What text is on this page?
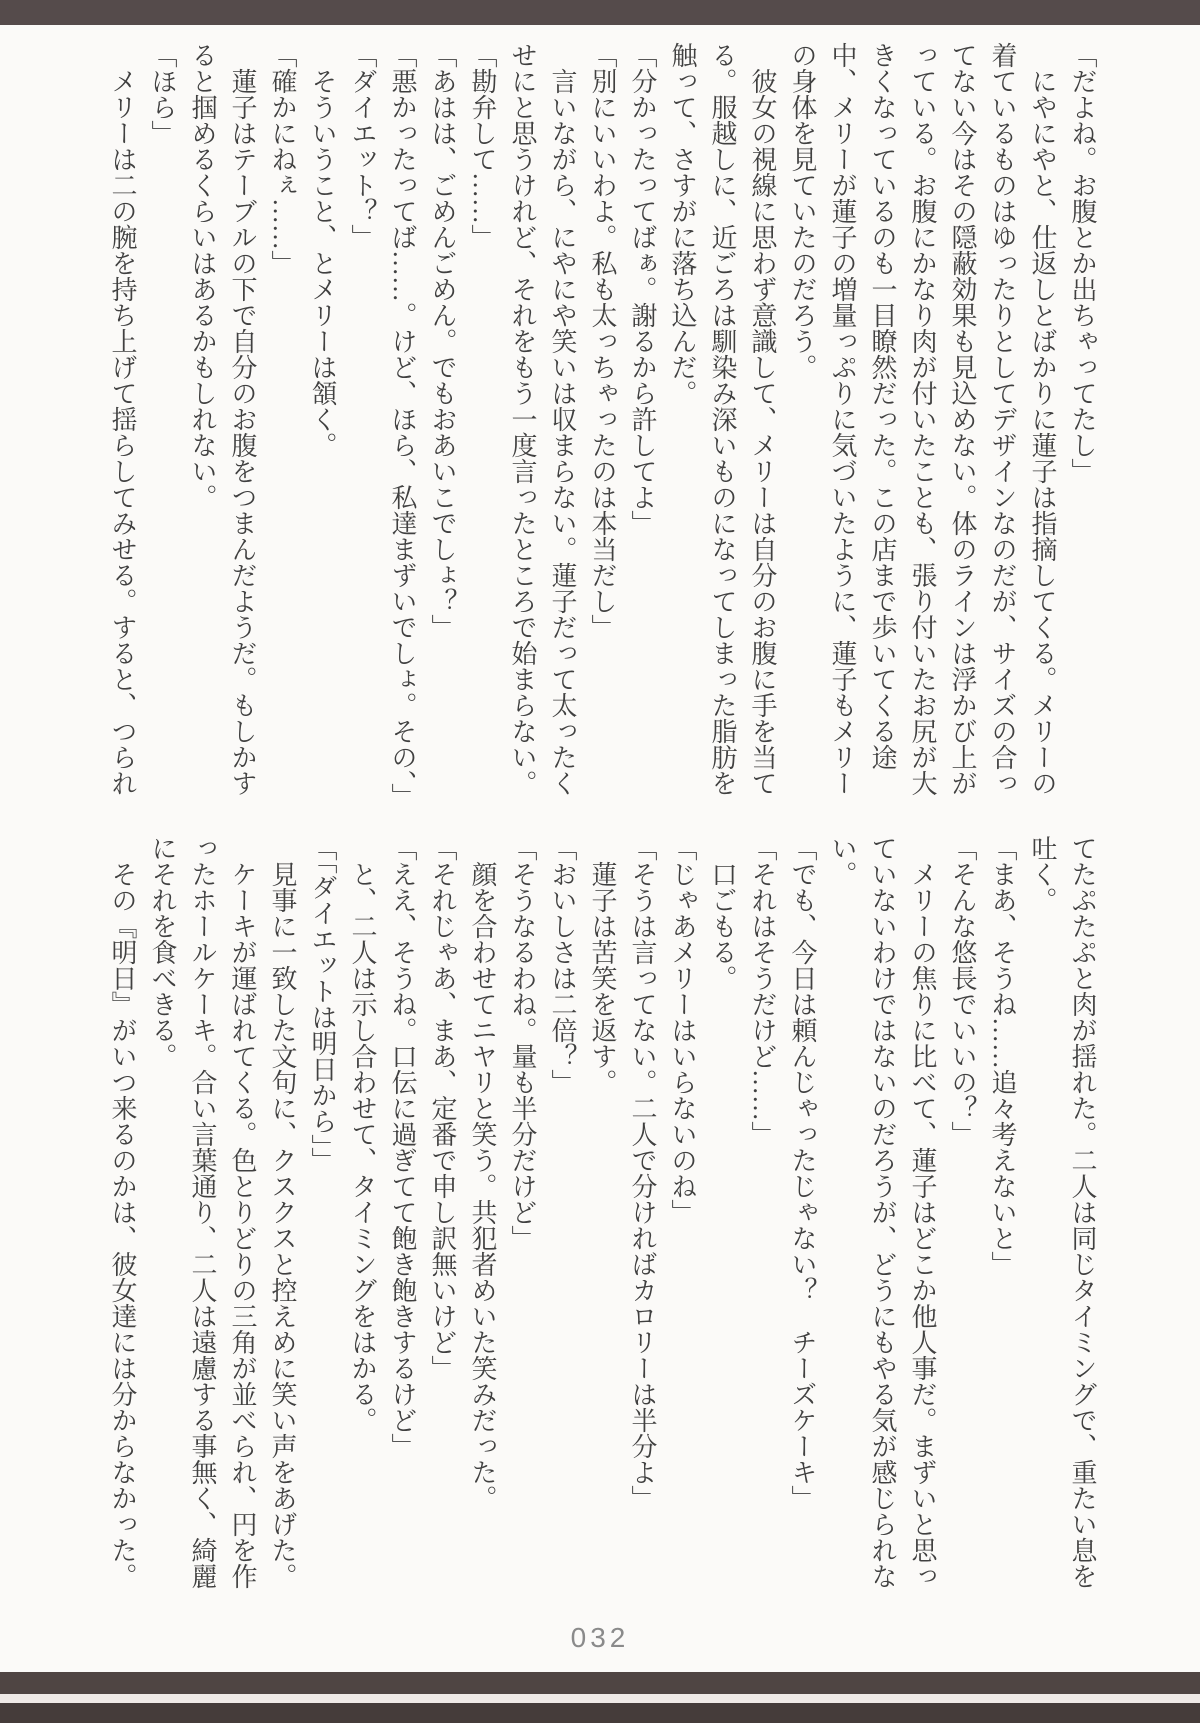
「だよね。お腹とか出ちゃってたし」

　にやにやと、仕返しとばかりに蓮子は指摘してくる。メリーの着ているものはゆったりとしてデザインなのだが、サイズの合ってない今はその隠蔽効果も見込めない。体のラインは浮かび上がっている。お腹にかなり肉が付いたことも、張り付いたお尻が大きくなっているのも一目瞭然だった。この店まで歩いてくる途中、メリーが蓮子の増量っぷりに気づいたように、蓮子もメリーの身体を見ていたのだろう。

　彼女の視線に思わず意識して、メリーは自分のお腹に手を当てる。服越しに、近ごろは馴染み深いものになってしまった脂肪を触って、さすがに落ち込んだ。

「分かったってばぁ。謝るから許してよ」

「別にいいわよ。私も太っちゃったのは本当だし」

　言いながら、にやにや笑いは収まらない。蓮子だって太ったくせにと思うけれど、それをもう一度言ったところで始まらない。

「勘弁して……」

「あはは、ごめんごめん。でもおあいこでしょ？」

「悪かったってば……。けど、ほら、私達まずいでしょ。その、」

「ダイエット？」

　そういうこと、とメリーは頷く。

「確かにねぇ……」

　蓮子はテーブルの下で自分のお腹をつまんだようだ。もしかすると掴めるくらいはあるかもしれない。

「ほら」

　メリーは二の腕を持ち上げて揺らしてみせる。すると、つられ

てたぷたぷと肉が揺れた。二人は同じタイミングで、重たい息を吐く。

「まあ、そうね……追々考えないと」

「そんな悠長でいいの？」

　メリーの焦りに比べて、蓮子はどこか他人事だ。まずいと思っていないわけではないのだろうが、どうにもやる気が感じられない。

「でも、今日は頼んじゃったじゃない？　チーズケーキ」

「それはそうだけど……」

　口ごもる。

「じゃあメリーはいらないのね」

「そうは言ってない。二人で分ければカロリーは半分よ」

　蓮子は苦笑を返す。

「おいしさは二倍？」

「そうなるわね。量も半分だけど」

　顔を合わせてニヤリと笑う。共犯者めいた笑みだった。

「それじゃあ、まあ、定番で申し訳無いけど」

「ええ、そうね。口伝に過ぎてて飽き飽きするけど」

　と、二人は示し合わせて、タイミングをはかる。

「「ダイエットは明日から」」

　見事に一致した文句に、クスクスと控えめに笑い声をあげた。

　ケーキが運ばれてくる。色とりどりの三角が並べられ、円を作ったホールケーキ。合い言葉通り、二人は遠慮する事無く、綺麗にそれを食べきる。

　その『明日』がいつ来るのかは、彼女達には分からなかった。

032
